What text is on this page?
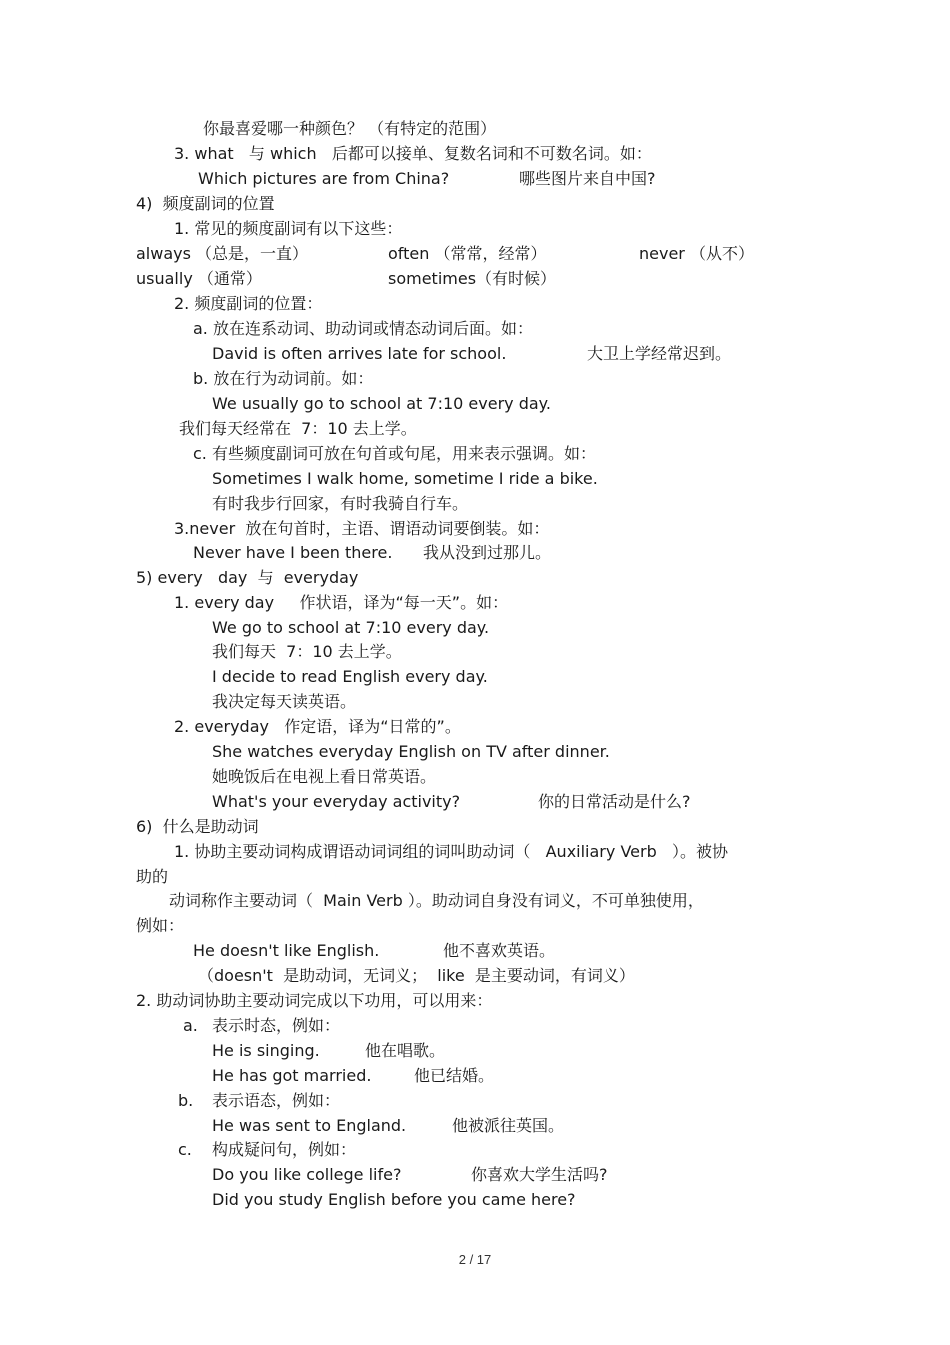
你最喜爱哪一种颜色？ （有特定的范围）
3. what   与 which   后都可以接单、复数名词和不可数名词。如：
Which pictures are from China?	哪些图片来自中国?
4)  频度副词的位置
1. 常见的频度副词有以下这些：
always （总是，一直）	often （常常，经常）	never （从不）
usually （通常）	sometimes（有时候）
2. 频度副词的位置：
a. 放在连系动词、助动词或情态动词后面。如：
David is often arrives late for school.	大卫上学经常迟到。
b. 放在行为动词前。如：
We usually go to school at 7:10 every day.
我们每天经常在  7：10 去上学。
c. 有些频度副词可放在句首或句尾，用来表示强调。如：
Sometimes I walk home, sometime I ride a bike.
有时我步行回家，有时我骑自行车。
3.never  放在句首时，主语、谓语动词要倒装。如：
Never have I been there. 我从没到过那儿。
5) every   day  与  everyday
1. every day     作状语，译为“每一天”。如：
We go to school at 7:10 every day.
我们每天  7：10 去上学。
I decide to read English every day.
我决定每天读英语。
2. everyday   作定语，译为“日常的”。
She watches everyday English on TV after dinner.
她晚饭后在电视上看日常英语。
What's your everyday activity?	你的日常活动是什么?
6)  什么是助动词
1. 协助主要动词构成谓语动词词组的词叫助动词（   Auxiliary Verb   ）。被协
助的
动词称作主要动词（  Main Verb ）。助动词自身没有词义，不可单独使用，
例如：
He doesn't like English.	他不喜欢英语。
（doesn't  是助动词，无词义；  like  是主要动词，有词义）
2. 助动词协助主要动词完成以下功用，可以用来：
a. 表示时态，例如：
He is singing.	他在唱歌。
He has got married.	他已结婚。
b. 表示语态，例如：
He was sent to England.	他被派往英国。
c. 构成疑问句，例如：
Do you like college life?	你喜欢大学生活吗?
Did you study English before you came here?
2 / 17
